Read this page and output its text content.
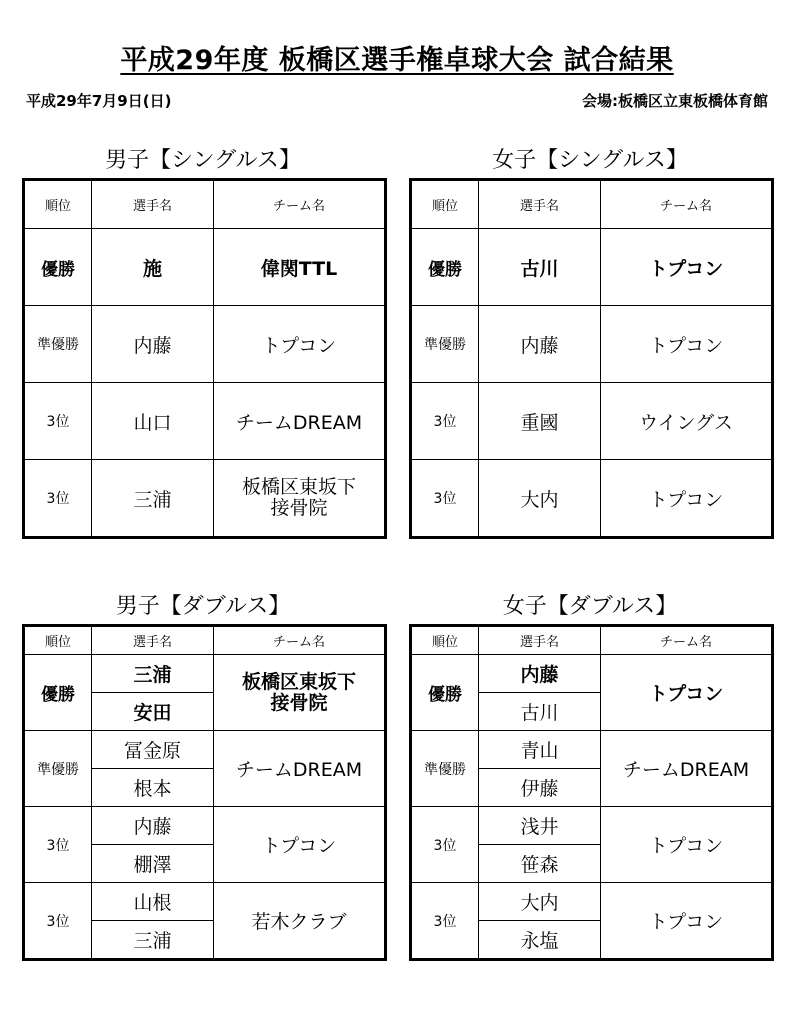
平成29年度 板橋区選手権卓球大会 試合結果
平成29年7月9日(日)	会場:板橋区立東板橋体育館
男子【シングルス】
順位	選手名	チーム名
優勝	施	偉関TTL
準優勝	内藤	トプコン
3位	山口	チームDREAM
3位	三浦	板橋区東坂下
接骨院
女子【シングルス】
順位	選手名	チーム名
優勝	古川	トプコン
準優勝	内藤	トプコン
3位	重國	ウイングス
3位	大内	トプコン
男子【ダブルス】
順位	選手名	チーム名
優勝	三浦	板橋区東坂下
接骨院
	安田	
準優勝	冨金原	チームDREAM
	根本	
3位	内藤	トプコン
	棚澤	
3位	山根	若木クラブ
	三浦	
女子【ダブルス】
順位	選手名	チーム名
優勝	内藤	トプコン
	古川	
準優勝	青山	チームDREAM
	伊藤	
3位	浅井	トプコン
	笹森	
3位	大内	トプコン
	永塩	
